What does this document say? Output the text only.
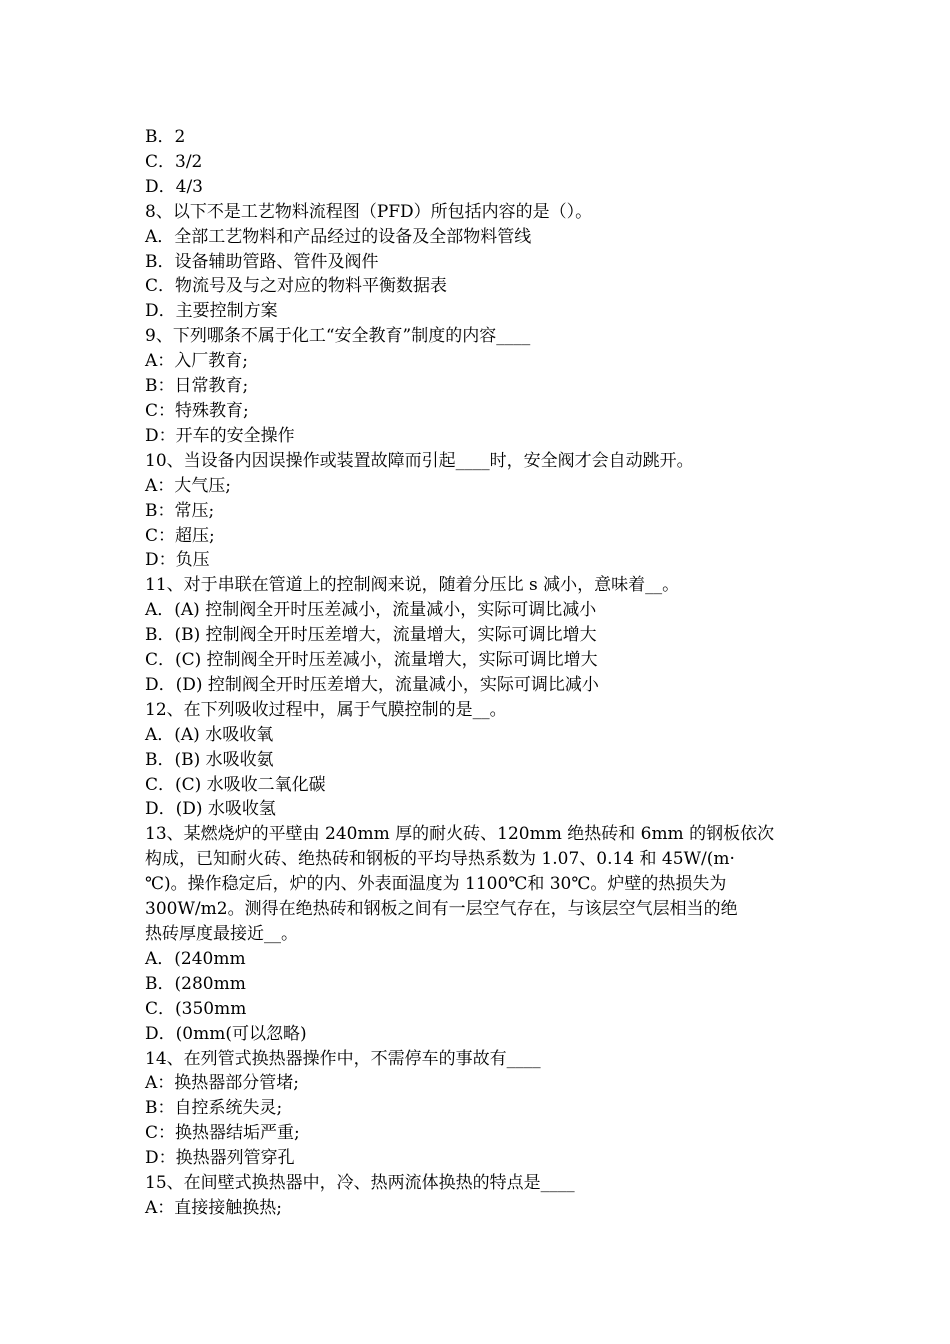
B．2
C．3/2
D．4/3
8、以下不是工艺物料流程图（PFD）所包括内容的是（）。
A．全部工艺物料和产品经过的设备及全部物料管线
B．设备辅助管路、管件及阀件
C．物流号及与之对应的物料平衡数据表
D．主要控制方案
9、下列哪条不属于化工“安全教育”制度的内容____
A：入厂教育;
B：日常教育;
C：特殊教育;
D：开车的安全操作
10、当设备内因误操作或装置故障而引起____时，安全阀才会自动跳开。
A：大气压;
B：常压;
C：超压;
D：负压
11、对于串联在管道上的控制阀来说，随着分压比 s 减小，意味着__。
A．(A) 控制阀全开时压差减小，流量减小，实际可调比减小
B．(B) 控制阀全开时压差增大，流量增大，实际可调比增大
C．(C) 控制阀全开时压差减小，流量增大，实际可调比增大
D．(D) 控制阀全开时压差增大，流量减小，实际可调比减小
12、在下列吸收过程中，属于气膜控制的是__。
A．(A) 水吸收氧
B．(B) 水吸收氨
C．(C) 水吸收二氧化碳
D．(D) 水吸收氢
13、某燃烧炉的平壁由 240mm 厚的耐火砖、120mm 绝热砖和 6mm 的钢板依次
构成，已知耐火砖、绝热砖和钢板的平均导热系数为 1.07、0.14 和 45W/(m·
℃)。操作稳定后，炉的内、外表面温度为 1100℃和 30℃。炉壁的热损失为
300W/m2。测得在绝热砖和钢板之间有一层空气存在，与该层空气层相当的绝
热砖厚度最接近__。
A．(240mm
B．(280mm
C．(350mm
D．(0mm(可以忽略)
14、在列管式换热器操作中，不需停车的事故有____
A：换热器部分管堵;
B：自控系统失灵;
C：换热器结垢严重;
D：换热器列管穿孔
15、在间壁式换热器中，冷、热两流体换热的特点是____
A：直接接触换热;
